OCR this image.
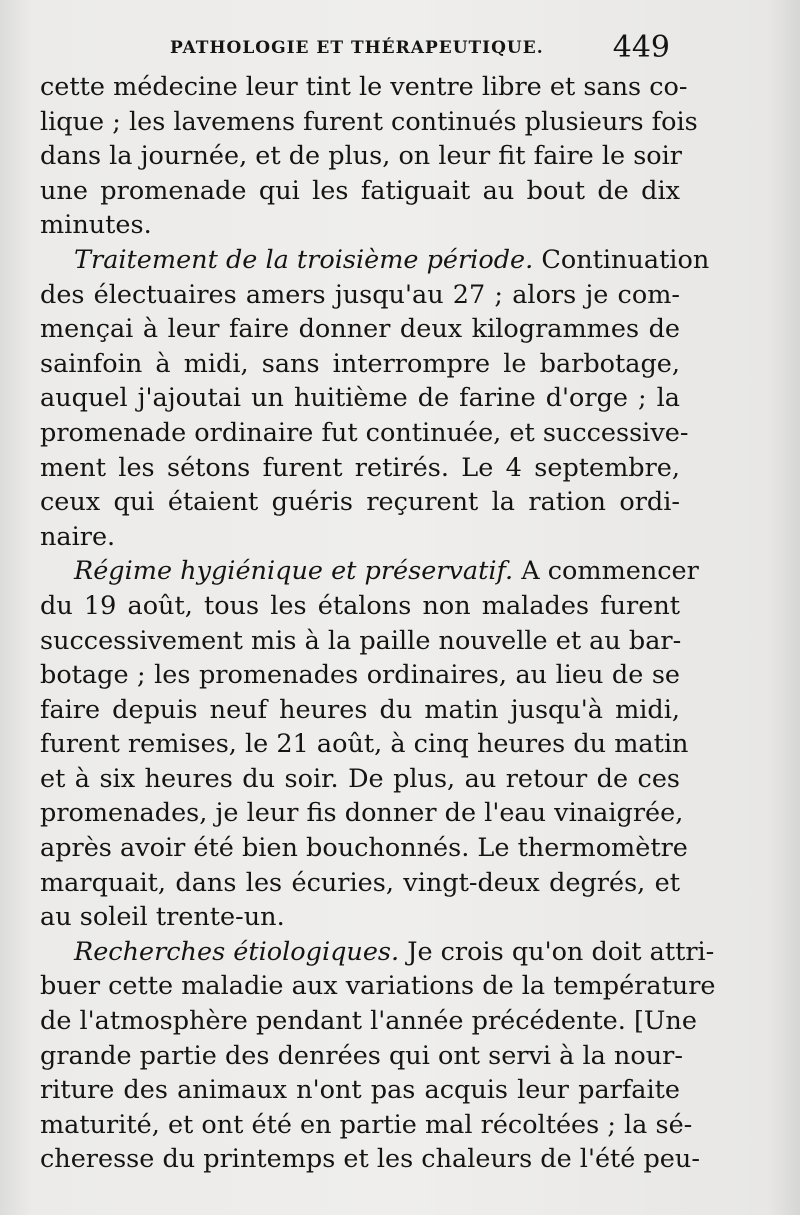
PATHOLOGIE ET THÉRAPEUTIQUE. 449
cette médecine leur tint le ventre libre et sans co-
lique ; les lavemens furent continués plusieurs fois
dans la journée, et de plus, on leur fit faire le soir
une promenade qui les fatiguait au bout de dix
minutes.
Traitement de la troisième période. Continuation
des électuaires amers jusqu'au 27 ; alors je com-
mençai à leur faire donner deux kilogrammes de
sainfoin à midi, sans interrompre le barbotage,
auquel j'ajoutai un huitième de farine d'orge ; la
promenade ordinaire fut continuée, et successive-
ment les sétons furent retirés. Le 4 septembre,
ceux qui étaient guéris reçurent la ration ordi-
naire.
Régime hygiénique et préservatif. A commencer
du 19 août, tous les étalons non malades furent
successivement mis à la paille nouvelle et au bar-
botage ; les promenades ordinaires, au lieu de se
faire depuis neuf heures du matin jusqu'à midi,
furent remises, le 21 août, à cinq heures du matin
et à six heures du soir. De plus, au retour de ces
promenades, je leur fis donner de l'eau vinaigrée,
après avoir été bien bouchonnés. Le thermomètre
marquait, dans les écuries, vingt-deux degrés, et
au soleil trente-un.
Recherches étiologiques. Je crois qu'on doit attri-
buer cette maladie aux variations de la température
de l'atmosphère pendant l'année précédente. [Une
grande partie des denrées qui ont servi à la nour-
riture des animaux n'ont pas acquis leur parfaite
maturité, et ont été en partie mal récoltées ; la sé-
cheresse du printemps et les chaleurs de l'été peu-
